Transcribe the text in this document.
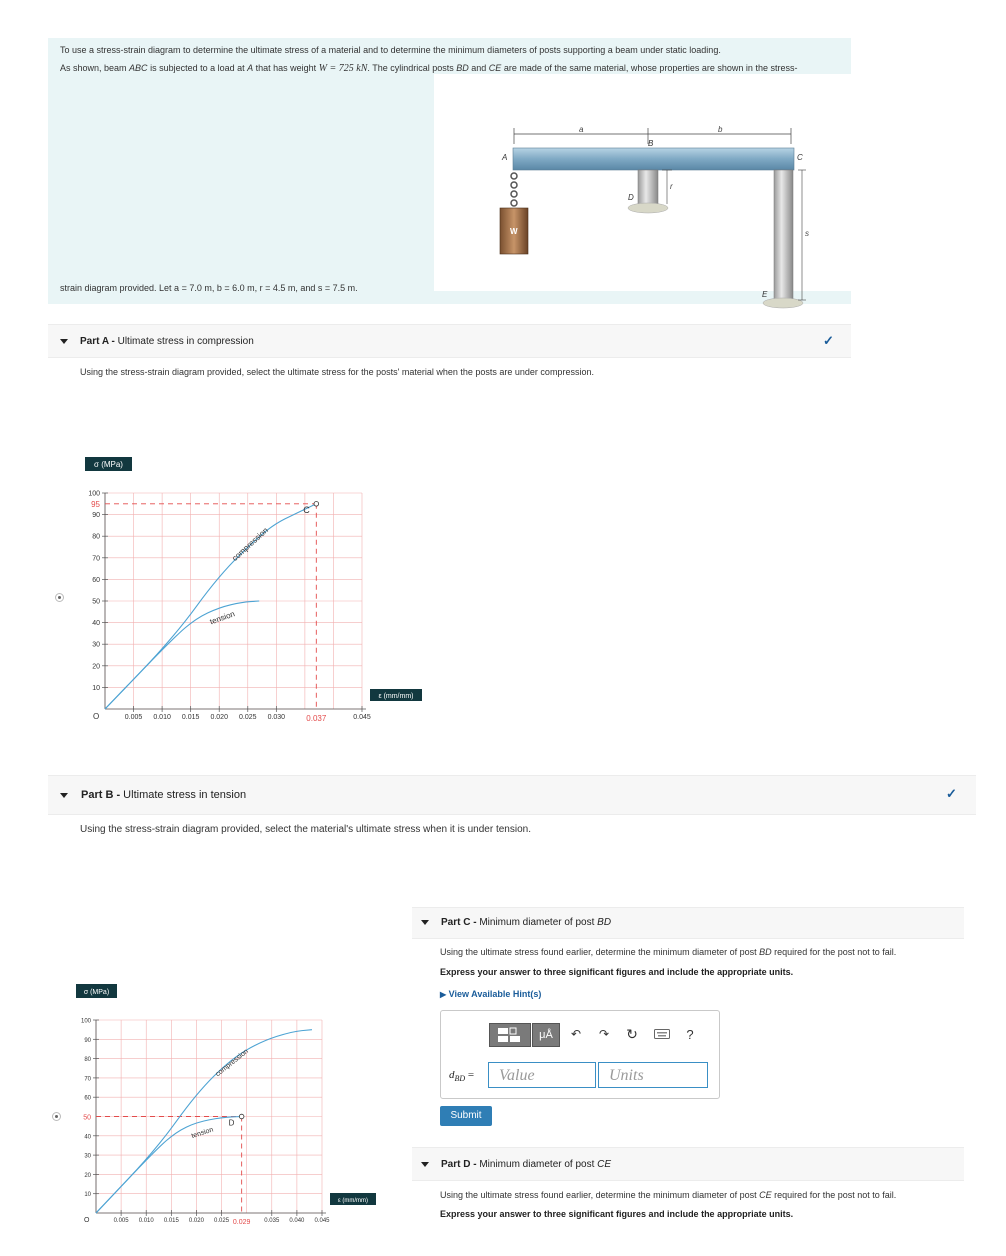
To use a stress-strain diagram to determine the ultimate stress of a material and to determine the minimum diameters of posts supporting a beam under static loading.
As shown, beam ABC is subjected to a load at A that has weight W = 725 kN. The cylindrical posts BD and CE are made of the same material, whose properties are shown in the stress-
a	b
A
B
C
D
r
E
s
W
strain diagram provided. Let a = 7.0 m, b = 6.0 m, r = 4.5 m, and s = 7.5 m.
Part A - Ultimate stress in compression	✓
Using the stress-strain diagram provided, select the ultimate stress for the posts' material when the posts are under compression.
10
20
30
40
50
60
70
80
90
100
0.005 0.010 0.015 0.020 0.025 0.030	0.045
O
σ (MPa)
ε (mm/mm)
95
0.037
compression
tension
C
Part B - Ultimate stress in tension	✓
Using the stress-strain diagram provided, select the material's ultimate stress when it is under tension.
10
20
30
40
60
70
80
90
100
0.005 0.010 0.015 0.020 0.025	0.035 0.040 0.045
O
σ (MPa)
ε (mm/mm)
50
0.029
compression
tension
D
Part C - Minimum diameter of post BD
Using the ultimate stress found earlier, determine the minimum diameter of post BD required for the post not to fail.
Express your answer to three significant figures and include the appropriate units.
▶ View Available Hint(s)
μÅ	↶	↷ ↻	?
$d_{BD}$ =	Value	Units
Submit
Part D - Minimum diameter of post CE
Using the ultimate stress found earlier, determine the minimum diameter of post CE required for the post not to fail.
Express your answer to three significant figures and include the appropriate units.
